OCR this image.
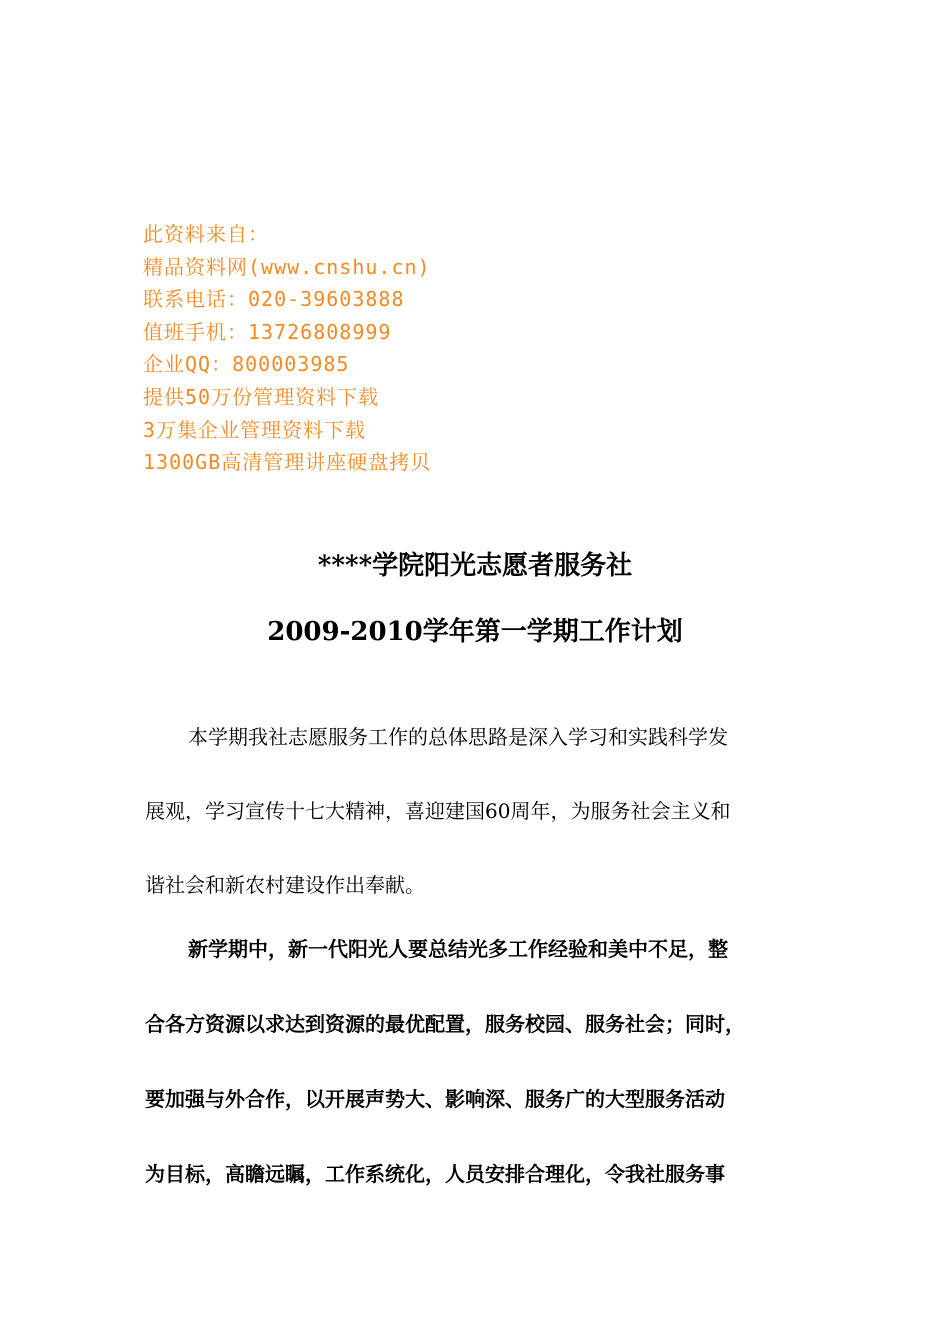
此资料来自：
精品资料网(www.cnshu.cn)
联系电话：020-39603888
值班手机：13726808999
企业QQ：800003985
提供50万份管理资料下载
3万集企业管理资料下载
1300GB高清管理讲座硬盘拷贝
****学院阳光志愿者服务社
2009-2010学年第一学期工作计划
本学期我社志愿服务工作的总体思路是深入学习和实践科学发
展观，学习宣传十七大精神，喜迎建国60周年，为服务社会主义和
谐社会和新农村建设作出奉献。
新学期中，新一代阳光人要总结光多工作经验和美中不足，整
合各方资源以求达到资源的最优配置，服务校园、服务社会；同时，
要加强与外合作，以开展声势大、影响深、服务广的大型服务活动
为目标，高瞻远瞩，工作系统化，人员安排合理化，令我社服务事
